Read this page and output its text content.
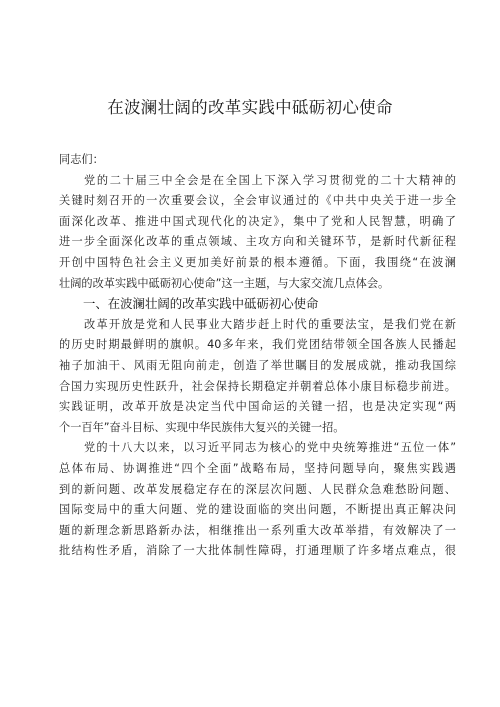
在波澜壮阔的改革实践中砥砺初心使命
同志们：
党的二十届三中全会是在全国上下深入学习贯彻党的二十大精神的
关键时刻召开的一次重要会议，全会审议通过的《中共中央关于进一步全
面深化改革、推进中国式现代化的决定》，集中了党和人民智慧，明确了
进一步全面深化改革的重点领域、主攻方向和关键环节，是新时代新征程
开创中国特色社会主义更加美好前景的根本遵循。下面，我围绕“在波澜
壮阔的改革实践中砥砺初心使命”这一主题，与大家交流几点体会。
一、在波澜壮阔的改革实践中砥砺初心使命
改革开放是党和人民事业大踏步赶上时代的重要法宝，是我们党在新
的历史时期最鲜明的旗帜。40多年来，我们党团结带领全国各族人民播起
袖子加油干、风雨无阻向前走，创造了举世瞩目的发展成就，推动我国综
合国力实现历史性跃升，社会保持长期稳定并朝着总体小康目标稳步前进。
实践证明，改革开放是决定当代中国命运的关键一招，也是决定实现“两
个一百年”奋斗目标、实现中华民族伟大复兴的关键一招。
党的十八大以来，以习近平同志为核心的党中央统筹推进“五位一体”
总体布局、协调推进“四个全面”战略布局，坚持问题导向，聚焦实践遇
到的新问题、改革发展稳定存在的深层次问题、人民群众急难愁盼问题、
国际变局中的重大问题、党的建设面临的突出问题，不断提出真正解决问
题的新理念新思路新办法，相继推出一系列重大改革举措，有效解决了一
批结构性矛盾，消除了一大批体制性障碍，打通理顺了许多堵点难点，很
